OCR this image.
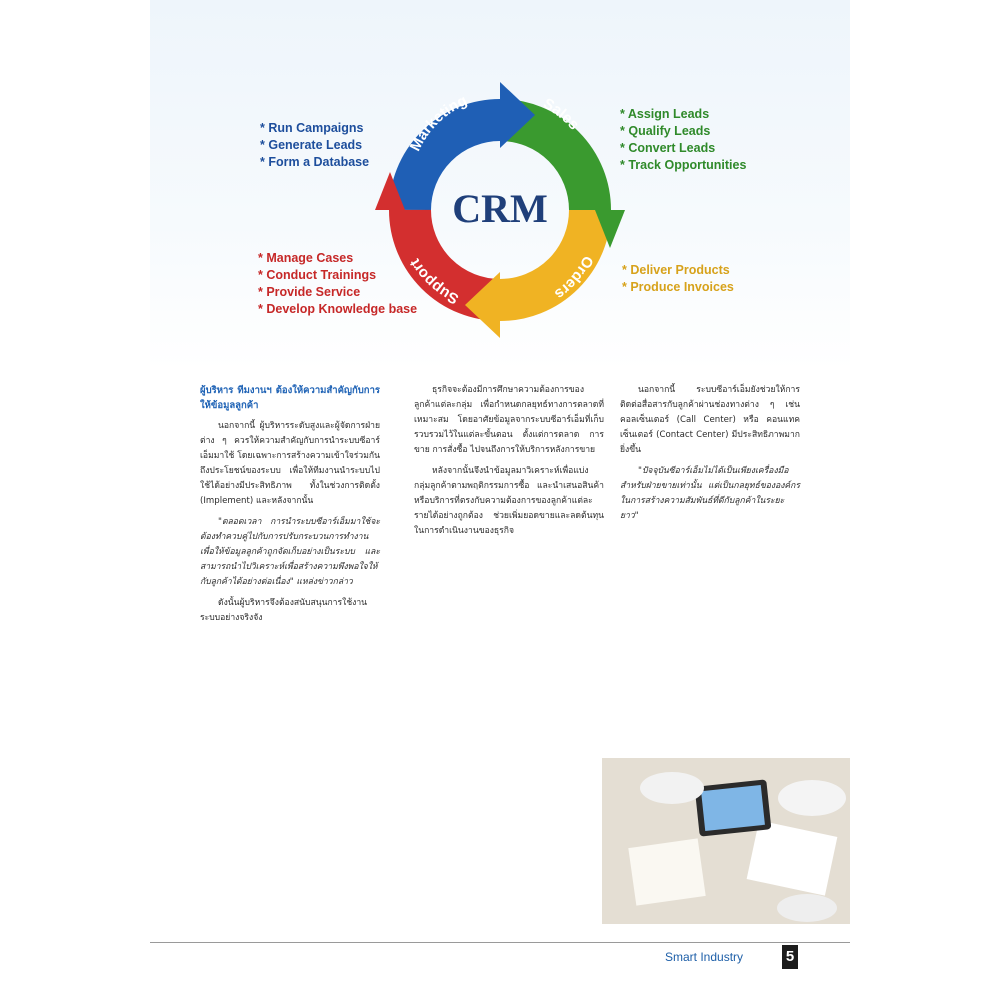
Marketing	Sales
Orders
Support
CRM
* Run Campaigns
* Generate Leads
* Form a Database
* Assign Leads
* Qualify Leads
* Convert Leads
* Track Opportunities
* Deliver Products
* Produce Invoices
* Manage Cases
* Conduct Trainings
* Provide Service
* Develop Knowledge base

ผู้บริหาร ทีมงานฯ ต้องให้ความสำคัญกับการให้ข้อมูลลูกค้า

นอกจากนี้ ผู้บริหารระดับสูงและผู้จัดการฝ่ายต่าง ๆ ควรให้ความสำคัญกับการนำระบบซีอาร์เอ็มมาใช้ โดยเฉพาะการสร้างความเข้าใจร่วมกันถึงประโยชน์ของระบบ เพื่อให้ทีมงานนำระบบไปใช้ได้อย่างมีประสิทธิภาพ ทั้งในช่วงการติดตั้ง (Implement) และหลังจากนั้น

"ตลอดเวลา การนำระบบซีอาร์เอ็มมาใช้จะต้องทำควบคู่ไปกับการปรับกระบวนการทำงาน เพื่อให้ข้อมูลลูกค้าถูกจัดเก็บอย่างเป็นระบบ และสามารถนำไปวิเคราะห์เพื่อสร้างความพึงพอใจให้กับลูกค้าได้อย่างต่อเนื่อง" แหล่งข่าวกล่าว

ดังนั้นผู้บริหารจึงต้องสนับสนุนการใช้งานระบบอย่างจริงจัง

ธุรกิจจะต้องมีการศึกษาความต้องการของลูกค้าแต่ละกลุ่ม เพื่อกำหนดกลยุทธ์ทางการตลาดที่เหมาะสม โดยอาศัยข้อมูลจากระบบซีอาร์เอ็มที่เก็บรวบรวมไว้ในแต่ละขั้นตอน ตั้งแต่การตลาด การขาย การสั่งซื้อ ไปจนถึงการให้บริการหลังการขาย

หลังจากนั้นจึงนำข้อมูลมาวิเคราะห์เพื่อแบ่งกลุ่มลูกค้าตามพฤติกรรมการซื้อ และนำเสนอสินค้าหรือบริการที่ตรงกับความต้องการของลูกค้าแต่ละรายได้อย่างถูกต้อง ช่วยเพิ่มยอดขายและลดต้นทุนในการดำเนินงานของธุรกิจ

นอกจากนี้ ระบบซีอาร์เอ็มยังช่วยให้การติดต่อสื่อสารกับลูกค้าผ่านช่องทางต่าง ๆ เช่น คอลเซ็นเตอร์ (Call Center) หรือ คอนแทคเซ็นเตอร์ (Contact Center) มีประสิทธิภาพมากยิ่งขึ้น

"ปัจจุบันซีอาร์เอ็มไม่ได้เป็นเพียงเครื่องมือสำหรับฝ่ายขายเท่านั้น แต่เป็นกลยุทธ์ขององค์กรในการสร้างความสัมพันธ์ที่ดีกับลูกค้าในระยะยาว"

Smart Industry	5
